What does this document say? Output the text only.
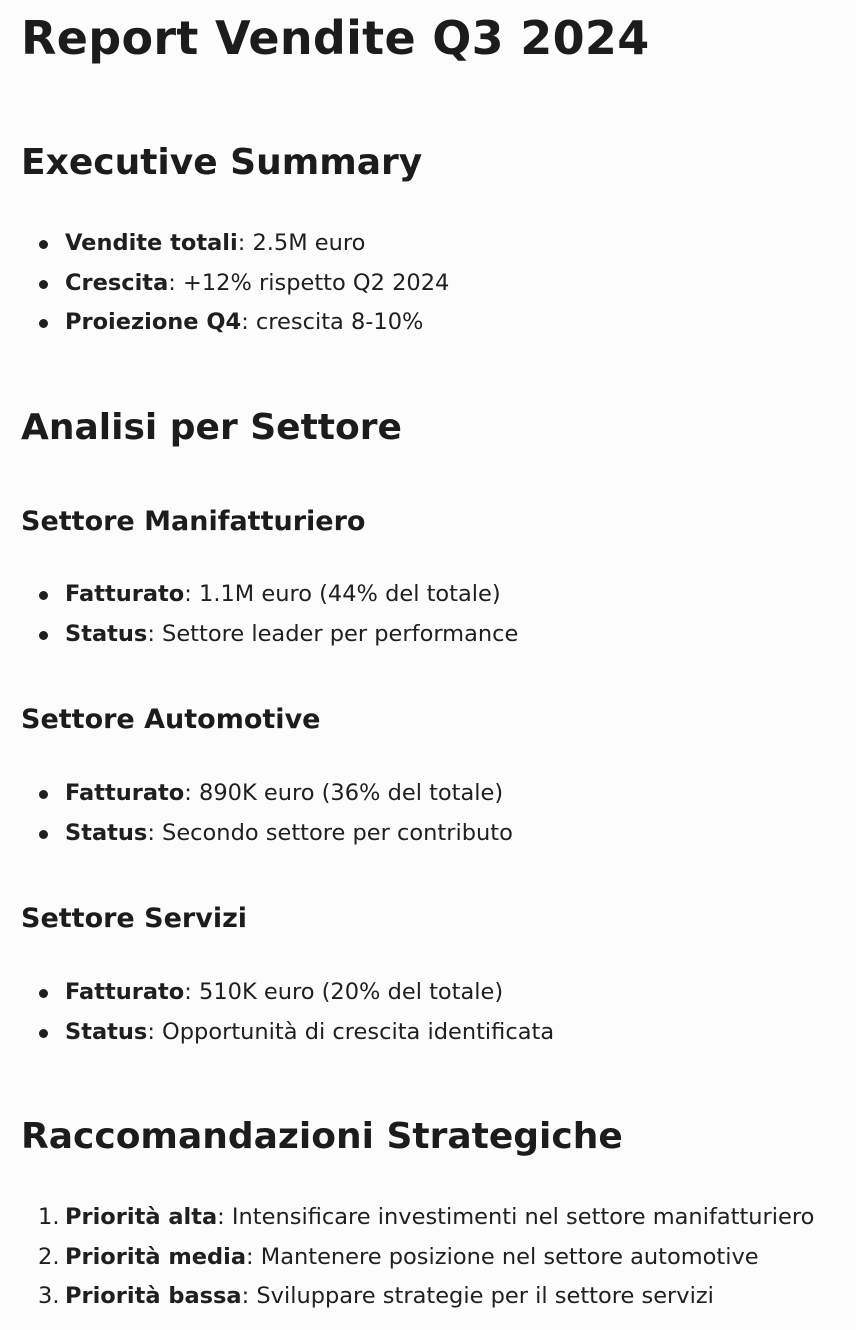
Report Vendite Q3 2024
Executive Summary
Vendite totali: 2.5M euro
Crescita: +12% rispetto Q2 2024
Proiezione Q4: crescita 8-10%
Analisi per Settore
Settore Manifatturiero
Fatturato: 1.1M euro (44% del totale)
Status: Settore leader per performance
Settore Automotive
Fatturato: 890K euro (36% del totale)
Status: Secondo settore per contributo
Settore Servizi
Fatturato: 510K euro (20% del totale)
Status: Opportunità di crescita identificata
Raccomandazioni Strategiche
1. Priorità alta: Intensificare investimenti nel settore manifatturiero
2. Priorità media: Mantenere posizione nel settore automotive
3. Priorità bassa: Sviluppare strategie per il settore servizi
